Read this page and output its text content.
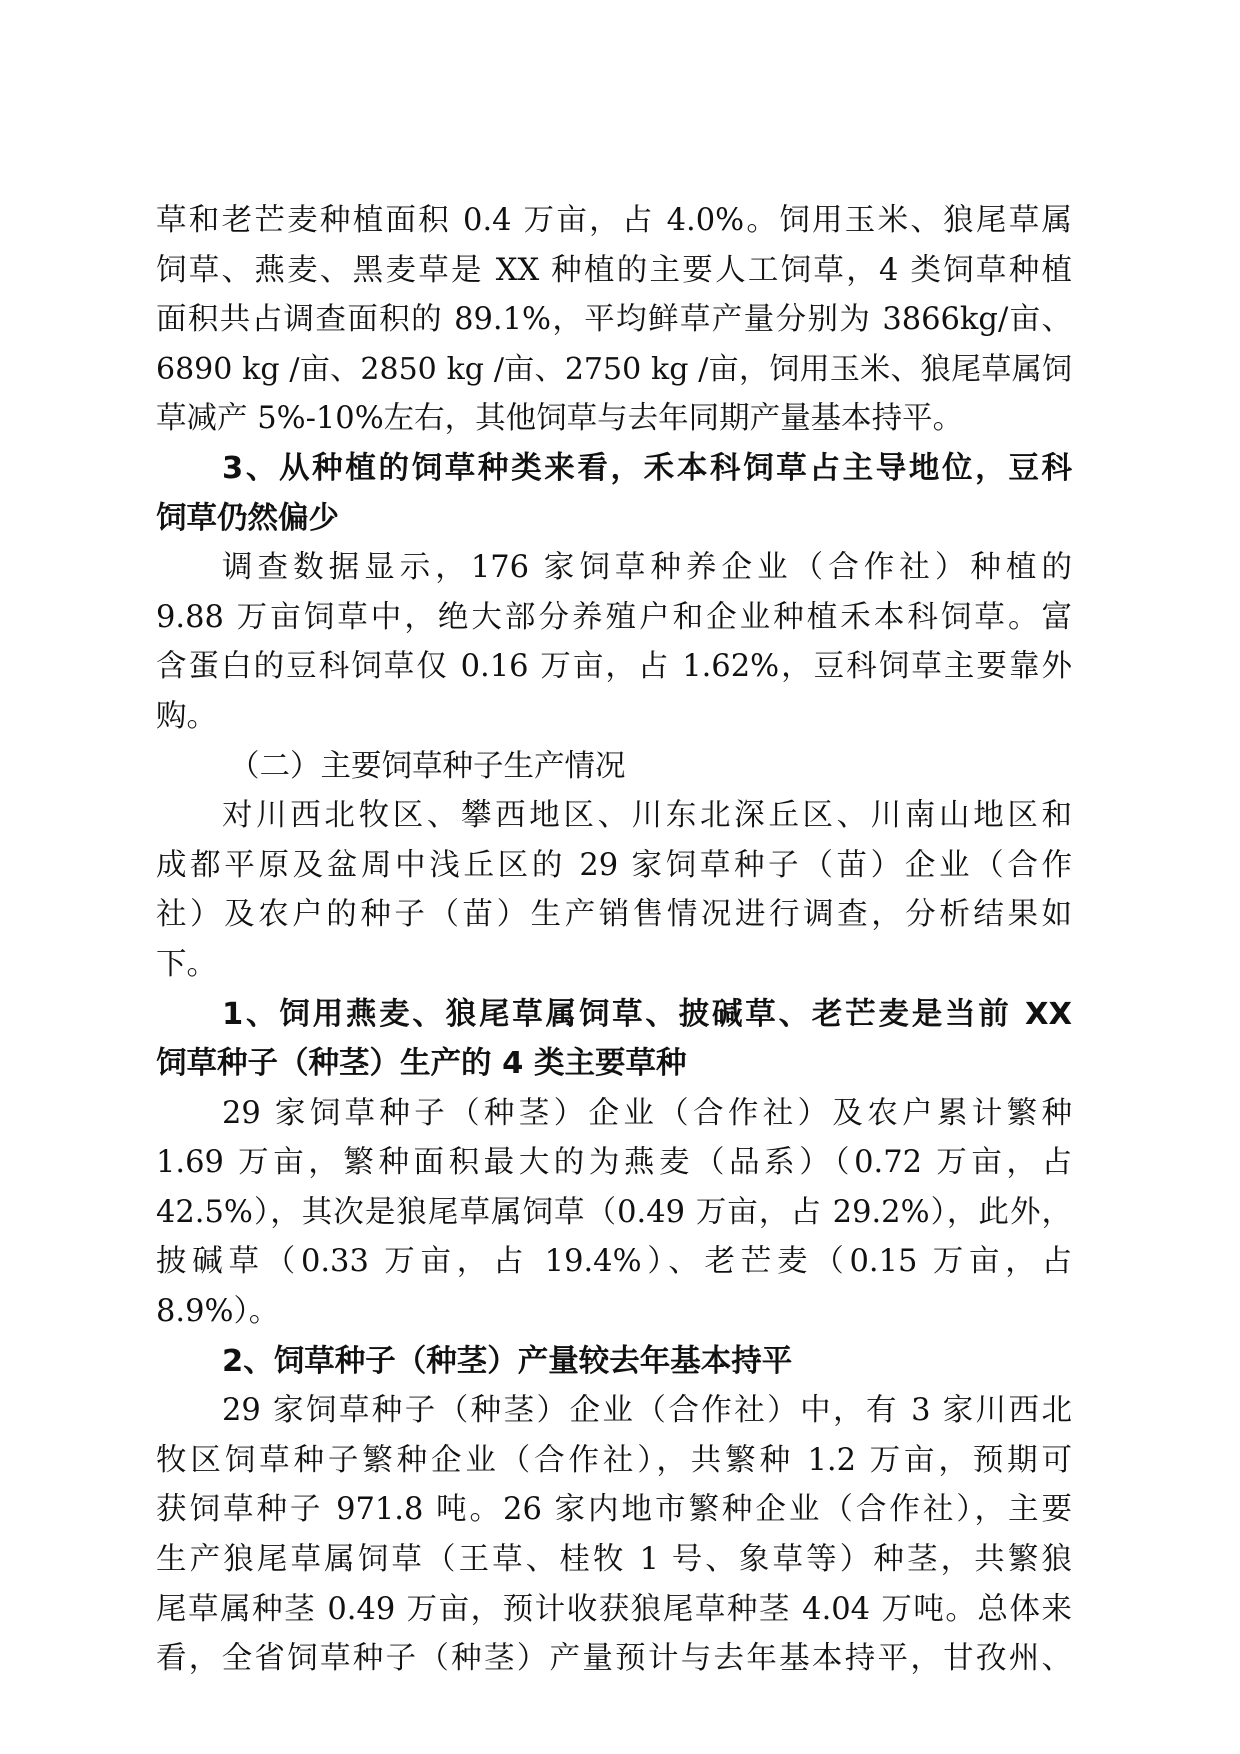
草和老芒麦种植面积 0.4 万亩，占 4.0%。饲用玉米、狼尾草属
饲草、燕麦、黑麦草是 XX 种植的主要人工饲草，4 类饲草种植
面积共占调查面积的 89.1%，平均鲜草产量分别为 3866kg/亩、
6890 kg /亩、2850 kg /亩、2750 kg /亩，饲用玉米、狼尾草属饲
草减产 5%-10%左右，其他饲草与去年同期产量基本持平。
3、从种植的饲草种类来看，禾本科饲草占主导地位，豆科
饲草仍然偏少
调查数据显示，176 家饲草种养企业（合作社）种植的
9.88 万亩饲草中，绝大部分养殖户和企业种植禾本科饲草。富
含蛋白的豆科饲草仅 0.16 万亩，占 1.62%，豆科饲草主要靠外
购。
（二）主要饲草种子生产情况
对川西北牧区、攀西地区、川东北深丘区、川南山地区和
成都平原及盆周中浅丘区的 29 家饲草种子（苗）企业（合作
社）及农户的种子（苗）生产销售情况进行调查，分析结果如
下。
1、饲用燕麦、狼尾草属饲草、披碱草、老芒麦是当前 XX
饲草种子（种茎）生产的 4 类主要草种
29 家饲草种子（种茎）企业（合作社）及农户累计繁种
1.69 万亩，繁种面积最大的为燕麦（品系）（0.72 万亩，占
42.5%），其次是狼尾草属饲草（0.49 万亩，占 29.2%），此外，
披碱草（0.33 万亩，占 19.4%）、老芒麦（0.15 万亩，占
8.9%）。
2、饲草种子（种茎）产量较去年基本持平
29 家饲草种子（种茎）企业（合作社）中，有 3 家川西北
牧区饲草种子繁种企业（合作社），共繁种 1.2 万亩，预期可
获饲草种子 971.8 吨。26 家内地市繁种企业（合作社），主要
生产狼尾草属饲草（王草、桂牧 1 号、象草等）种茎，共繁狼
尾草属种茎 0.49 万亩，预计收获狼尾草种茎 4.04 万吨。总体来
看，全省饲草种子（种茎）产量预计与去年基本持平，甘孜州、
